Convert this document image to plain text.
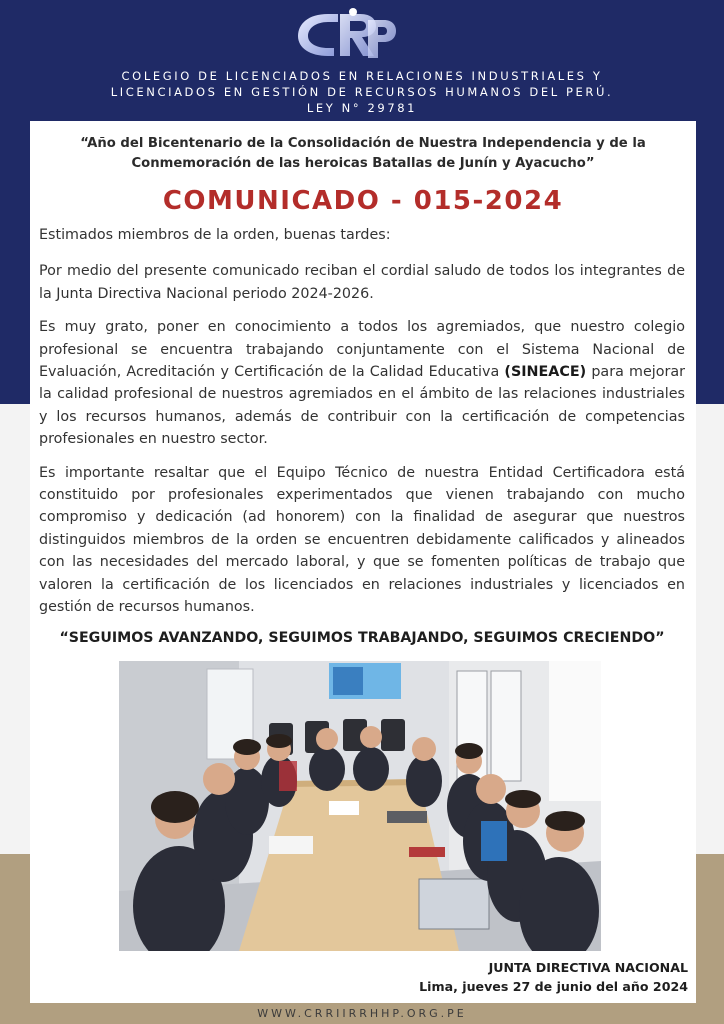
COLEGIO DE LICENCIADOS EN RELACIONES INDUSTRIALES Y
LICENCIADOS EN GESTIÓN DE RECURSOS HUMANOS DEL PERÚ.
LEY N° 29781
“Año del Bicentenario de la Consolidación de Nuestra Independencia y de la
Conmemoración de las heroicas Batallas de Junín y Ayacucho”
COMUNICADO - 015-2024

Estimados miembros de la orden, buenas tardes:

Por medio del presente comunicado reciban el cordial saludo de todos los integrantes de la Junta Directiva Nacional periodo 2024-2026.

Es muy grato, poner en conocimiento a todos los agremiados, que nuestro colegio profesional se encuentra trabajando conjuntamente con el Sistema Nacional de Evaluación, Acreditación y Certificación de la Calidad Educativa (SINEACE) para mejorar la calidad profesional de nuestros agremiados en el ámbito de las relaciones industriales y los recursos humanos, además de contribuir con la certificación de competencias profesionales en nuestro sector.

Es importante resaltar que el Equipo Técnico de nuestra Entidad Certificadora está constituido por profesionales experimentados que vienen trabajando con mucho compromiso y dedicación (ad honorem) con la finalidad de asegurar que nuestros distinguidos miembros de la orden se encuentren debidamente calificados y alineados con las necesidades del mercado laboral, y que se fomenten políticas de trabajo que valoren la certificación de los licenciados en relaciones industriales y licenciados en gestión de recursos humanos.

“SEGUIMOS AVANZANDO, SEGUIMOS TRABAJANDO, SEGUIMOS CRECIENDO”
JUNTA DIRECTIVA NACIONAL
Lima, jueves 27 de junio del año 2024
WWW.CRRIIRRHHP.ORG.PE
